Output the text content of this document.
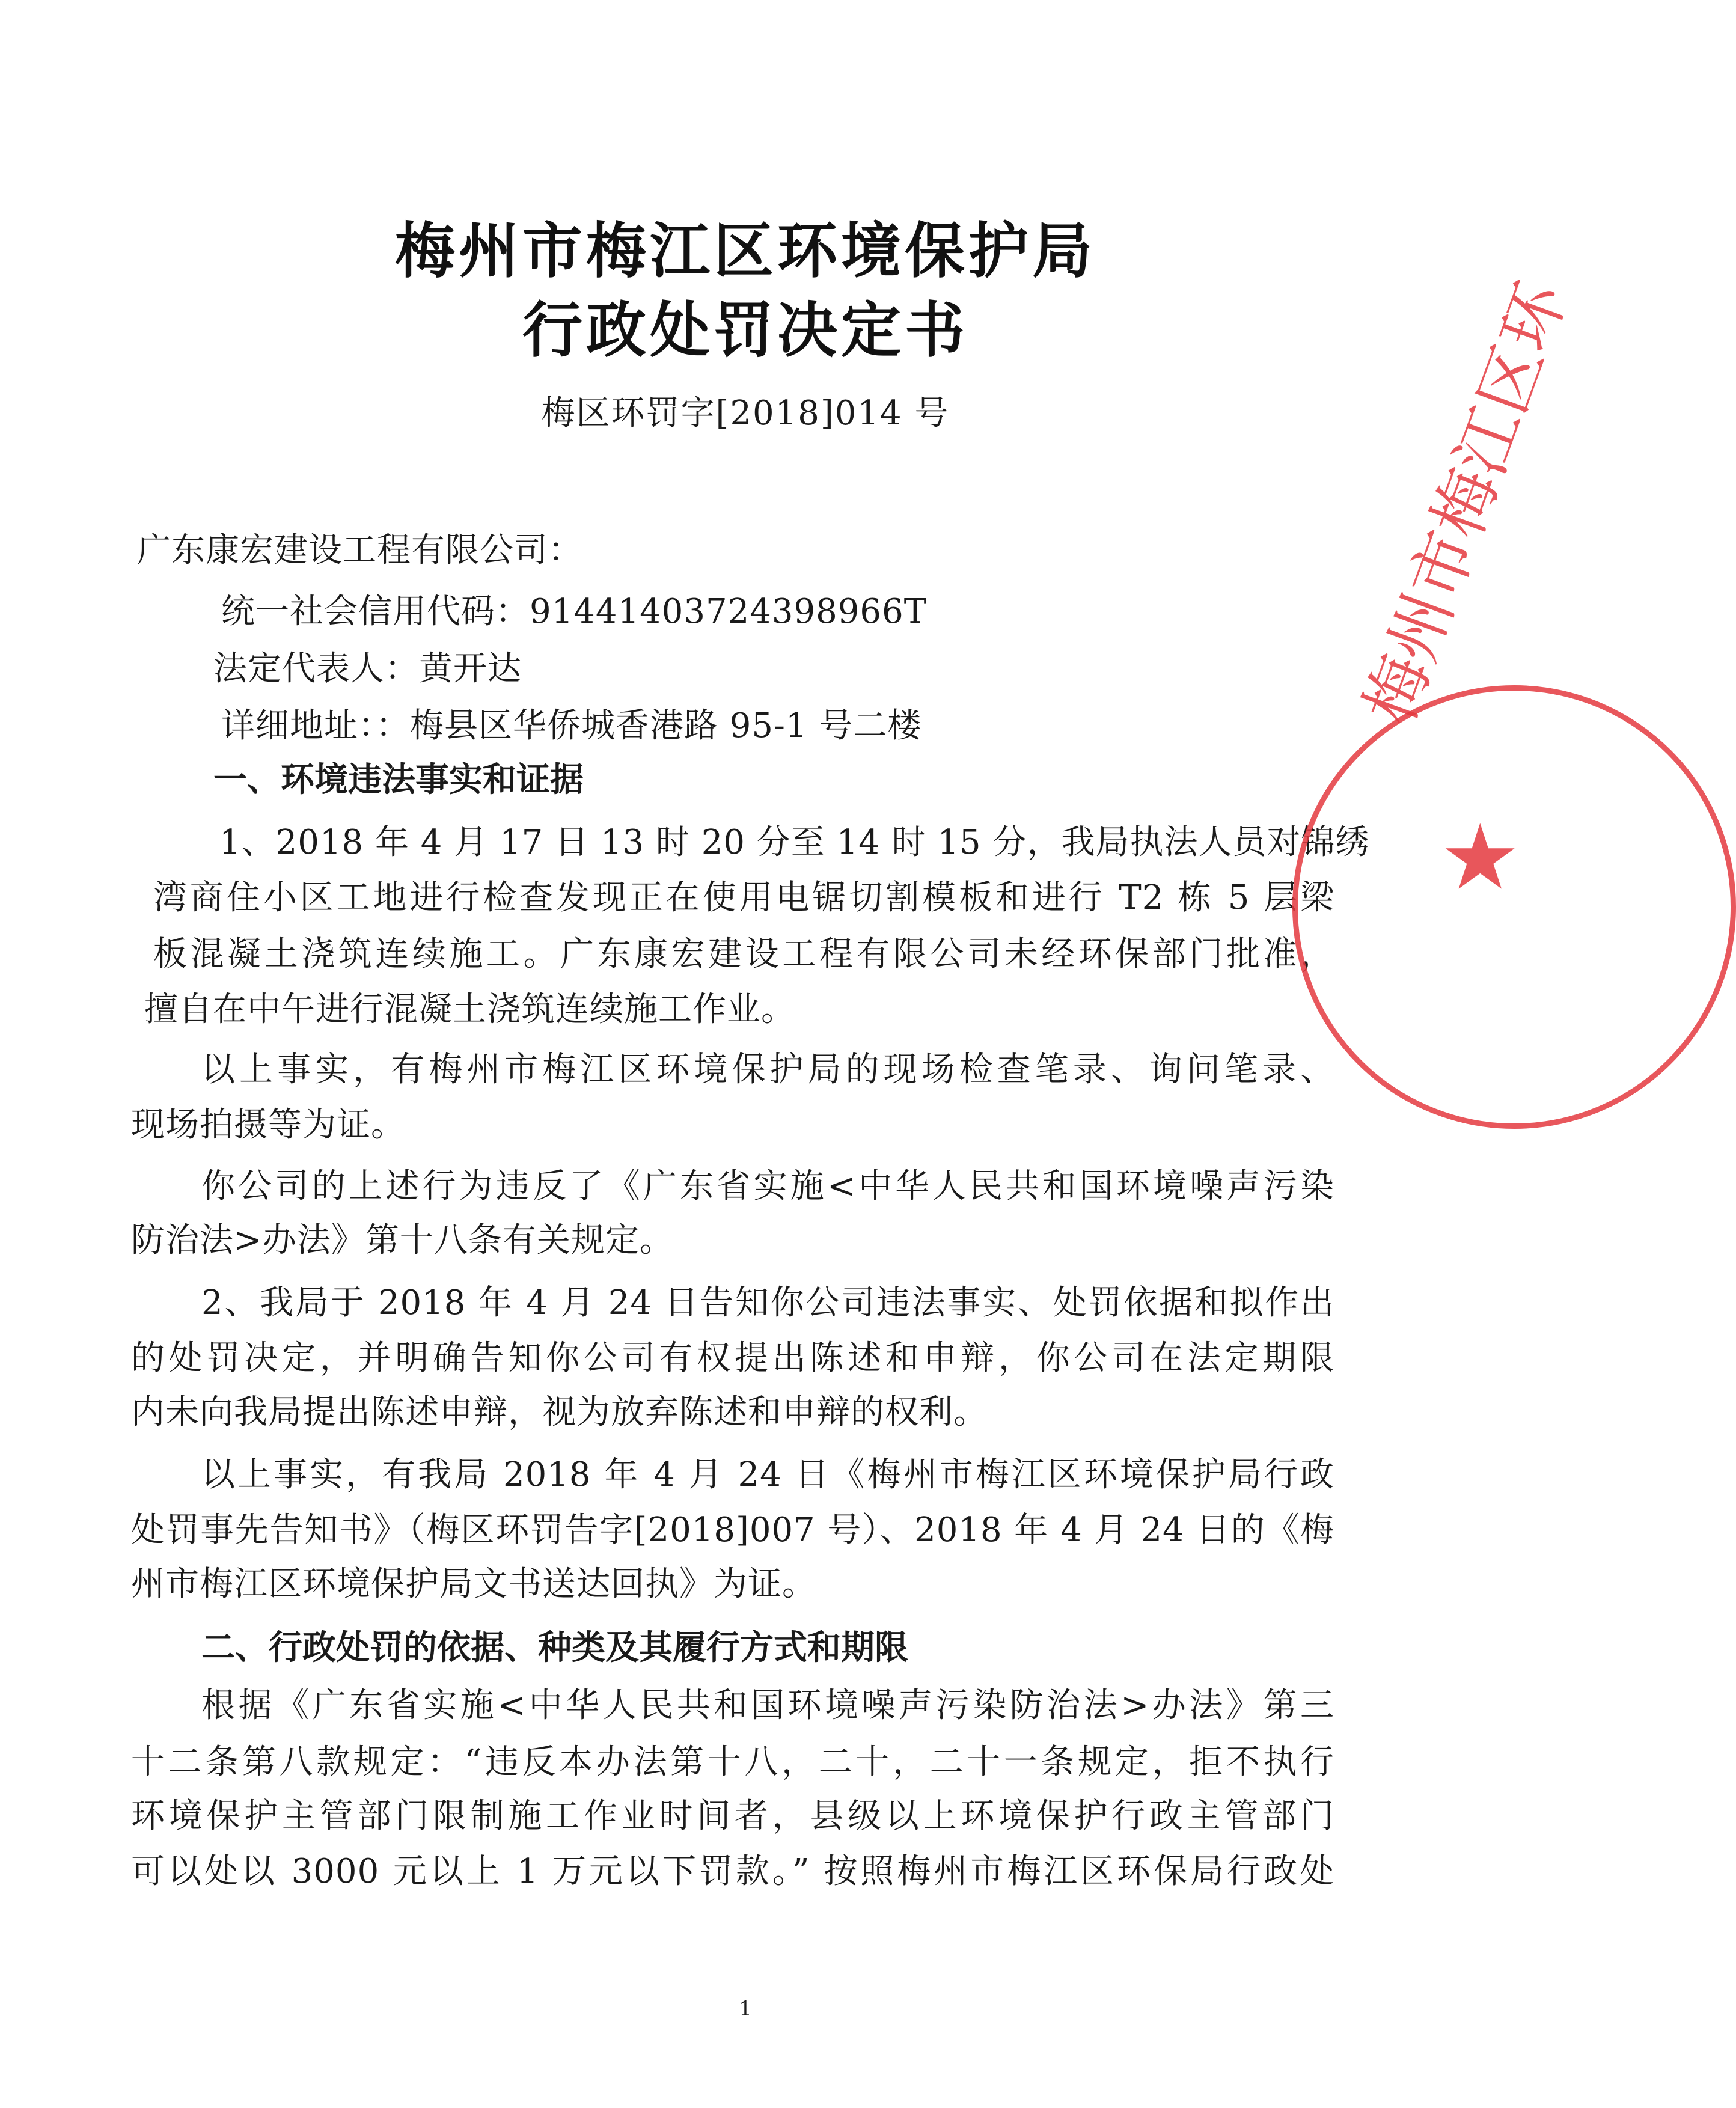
梅州市梅江区环境保护局
行政处罚决定书
梅区环罚字[2018]014 号
广东康宏建设工程有限公司：
统一社会信用代码：91441403724398966T
法定代表人：黄开达
详细地址：：梅县区华侨城香港路 95-1 号二楼
一、环境违法事实和证据
1、2018 年 4 月 17 日 13 时 20 分至 14 时 15 分，我局执法人员对锦绣
湾商住小区工地进行检查发现正在使用电锯切割模板和进行 T2 栋 5 层梁
板混凝土浇筑连续施工。广东康宏建设工程有限公司未经环保部门批准，
擅自在中午进行混凝土浇筑连续施工作业。
以上事实，有梅州市梅江区环境保护局的现场检查笔录、询问笔录、
现场拍摄等为证。
你公司的上述行为违反了《广东省实施<中华人民共和国环境噪声污染
防治法>办法》第十八条有关规定。
2、我局于 2018 年 4 月 24 日告知你公司违法事实、处罚依据和拟作出
的处罚决定，并明确告知你公司有权提出陈述和申辩，你公司在法定期限
内未向我局提出陈述申辩，视为放弃陈述和申辩的权利。
以上事实，有我局 2018 年 4 月 24 日《梅州市梅江区环境保护局行政
处罚事先告知书》（梅区环罚告字[2018]007 号）、2018 年 4 月 24 日的《梅
州市梅江区环境保护局文书送达回执》为证。
二、行政处罚的依据、种类及其履行方式和期限
根据《广东省实施<中华人民共和国环境噪声污染防治法>办法》第三
十二条第八款规定：“违反本办法第十八，二十，二十一条规定，拒不执行
环境保护主管部门限制施工作业时间者，县级以上环境保护行政主管部门
可以处以 3000 元以上 1 万元以下罚款。” 按照梅州市梅江区环保局行政处
1
梅州市梅江区环
★
